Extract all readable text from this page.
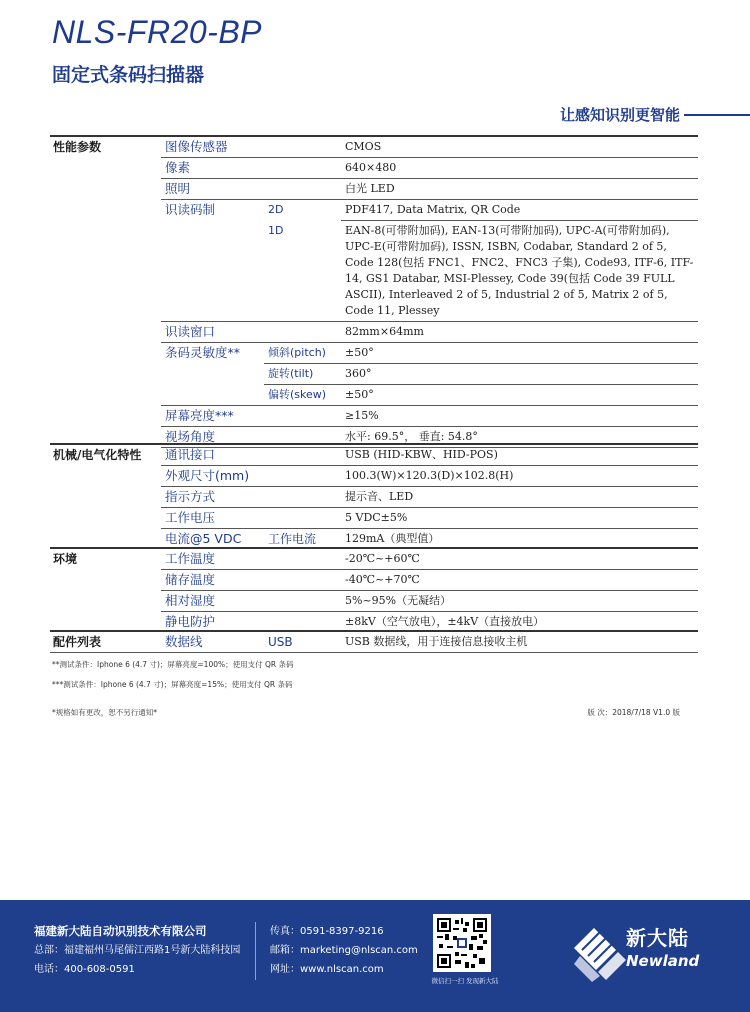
NLS-FR20-BP
固定式条码扫描器
让感知识别更智能
性能参数	图像传感器		CMOS
	像素		640×480
	照明		白光 LED
	识读码制	2D	PDF417, Data Matrix, QR Code
		1D	EAN-8(可带附加码), EAN-13(可带附加码), UPC-A(可带附加码), UPC-E(可带附加码), ISSN, ISBN, Codabar, Standard 2 of 5, Code 128(包括 FNC1、FNC2、FNC3 子集), Code93, ITF-6, ITF-14, GS1 Databar, MSI-Plessey, Code 39(包括 Code 39 FULL ASCII), Interleaved 2 of 5, Industrial 2 of 5, Matrix 2 of 5, Code 11, Plessey
	识读窗口		82mm×64mm
	条码灵敏度**	倾斜(pitch)	±50°
		旋转(tilt)	360°
		偏转(skew)	±50°
	屏幕亮度***		≥15%
	视场角度		水平: 69.5°， 垂直: 54.8°
机械/电气化特性	通讯接口		USB (HID-KBW、HID-POS)
	外观尺寸(mm)		100.3(W)×120.3(D)×102.8(H)
	指示方式		提示音、LED
	工作电压		5 VDC±5%
	电流@5 VDC	工作电流	129mA（典型值）
环境	工作温度	-20℃~+60℃
	储存温度	-40℃~+70℃
	相对湿度	5%~95%（无凝结）
	静电防护	±8kV（空气放电），±4kV（直接放电）
配件列表	数据线	USB	USB 数据线，用于连接信息接收主机
**测试条件：Iphone 6 (4.7 寸)；屏幕亮度=100%；使用支付 QR 条码
***测试条件：Iphone 6 (4.7 寸)；屏幕亮度=15%；使用支付 QR 条码
*规格如有更改，恕不另行通知*	版 次：2018/7/18 V1.0 版
福建新大陆自动识别技术有限公司
总部：福建福州马尾儒江西路1号新大陆科技园
电话：400-608-0591
传真：0591-8397-9216
邮箱：marketing@nlscan.com
网址：www.nlscan.com
微信扫一扫 发现新大陆
新大陆
Newland
